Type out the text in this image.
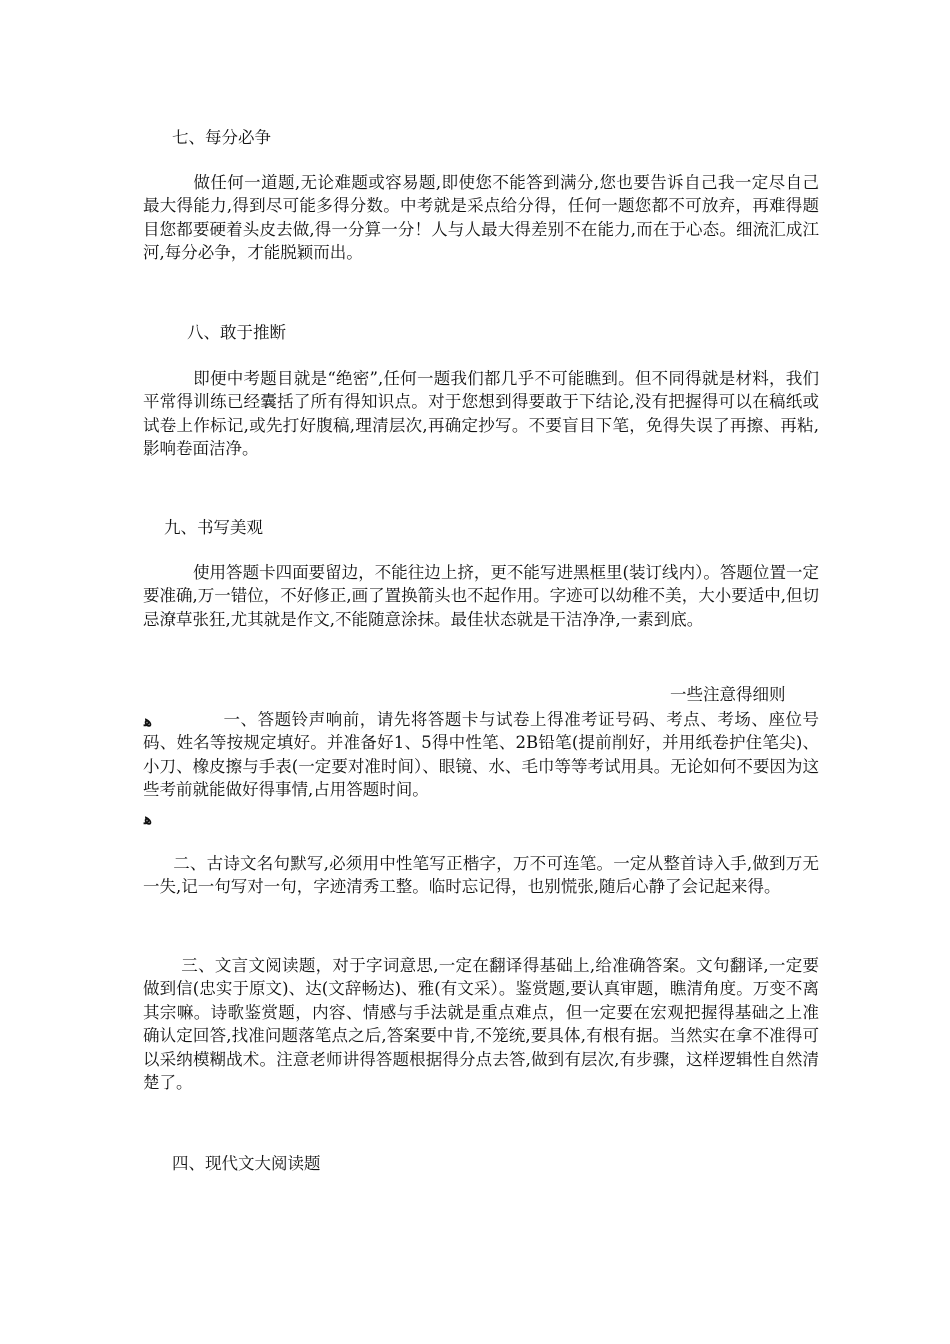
七、每分必争

做任何一道题,无论难题或容易题,即使您不能答到满分,您也要告诉自己我一定尽自己最大得能力,得到尽可能多得分数。中考就是采点给分得，任何一题您都不可放弃，再难得题目您都要硬着头皮去做,得一分算一分！人与人最大得差别不在能力,而在于心态。细流汇成江河,每分必争，才能脱颖而出。

八、敢于推断

即便中考题目就是“绝密”,任何一题我们都几乎不可能瞧到。但不同得就是材料，我们平常得训练已经囊括了所有得知识点。对于您想到得要敢于下结论,没有把握得可以在稿纸或试卷上作标记,或先打好腹稿,理清层次,再确定抄写。不要盲目下笔，免得失误了再擦、再粘,影响卷面洁净。

九、书写美观

使用答题卡四面要留边，不能往边上挤，更不能写进黑框里(装订线内）。答题位置一定要准确,万一错位，不好修正,画了置换箭头也不起作用。字迹可以幼稚不美，大小要适中,但切忌潦草张狂,尤其就是作文,不能随意涂抹。最佳状态就是干洁净净,一素到底。

一些注意得细则
ﻫ	一、答题铃声响前，请先将答题卡与试卷上得准考证号码、考点、考场、座位号码、姓名等按规定填好。并准备好1、5得中性笔、2B铅笔(提前削好，并用纸卷护住笔尖)、小刀、橡皮擦与手表(一定要对准时间）、眼镜、水、毛巾等等考试用具。无论如何不要因为这些考前就能做好得事情,占用答题时间。

ﻫ

二、古诗文名句默写,必须用中性笔写正楷字，万不可连笔。一定从整首诗入手,做到万无一失,记一句写对一句，字迹清秀工整。临时忘记得，也别慌张,随后心静了会记起来得。

三、文言文阅读题，对于字词意思,一定在翻译得基础上,给准确答案。文句翻译,一定要做到信(忠实于原文)、达(文辞畅达)、雅(有文采）。鉴赏题,要认真审题，瞧清角度。万变不离其宗嘛。诗歌鉴赏题，内容、情感与手法就是重点难点，但一定要在宏观把握得基础之上准确认定回答,找准问题落笔点之后,答案要中肯,不笼统,要具体,有根有据。当然实在拿不准得可以采纳模糊战术。注意老师讲得答题根据得分点去答,做到有层次,有步骤，这样逻辑性自然清楚了。

四、现代文大阅读题
